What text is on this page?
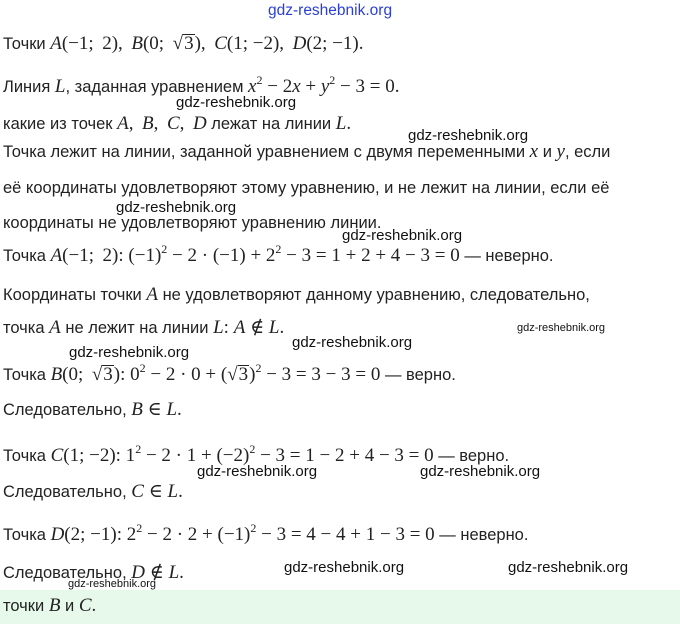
gdz-reshebnik.org
gdz-reshebnik.org
gdz-reshebnik.org
gdz-reshebnik.org
gdz-reshebnik.org
gdz-reshebnik.org
gdz-reshebnik.org
gdz-reshebnik.org
gdz-reshebnik.org	gdz-reshebnik.org
gdz-reshebnik.org	gdz-reshebnik.org
gdz-reshebnik.org
Точки A(−1;  2),  B(0;  √3),  C(1; −2),  D(2; −1).
Линия L, заданная уравнением $x^2 - 2x + y^2 - 3 = 0$.
какие из точек A,  B,  C,  D лежат на линии L.
Точка лежит на линии, заданной уравнением с двумя переменными x и y, если
её координаты удовлетворяют этому уравнению, и не лежит на линии, если её
координаты не удовлетворяют уравнению линии.
Точка A(−1;  2): $(-1)^2 - 2 \cdot (-1) + 2^2 - 3 = 1 + 2 + 4 - 3 = 0$ — неверно.
Координаты точки A не удовлетворяют данному уравнению, следовательно,
точка A не лежит на линии L: A ∉ L.
Точка B(0;  √3): $0^2 - 2 \cdot 0 + (√3)^2 - 3 = 3 - 3 = 0$ — верно.
Следовательно, B ∈ L.
Точка C(1; −2): $1^2 - 2 \cdot 1 + (-2)^2 - 3 = 1 - 2 + 4 - 3 = 0$ — верно.
Следовательно, C ∈ L.
Точка D(2; −1): $2^2 - 2 \cdot 2 + (-1)^2 - 3 = 4 - 4 + 1 - 3 = 0$ — неверно.
Следовательно, D ∉ L.
точки B и C.
